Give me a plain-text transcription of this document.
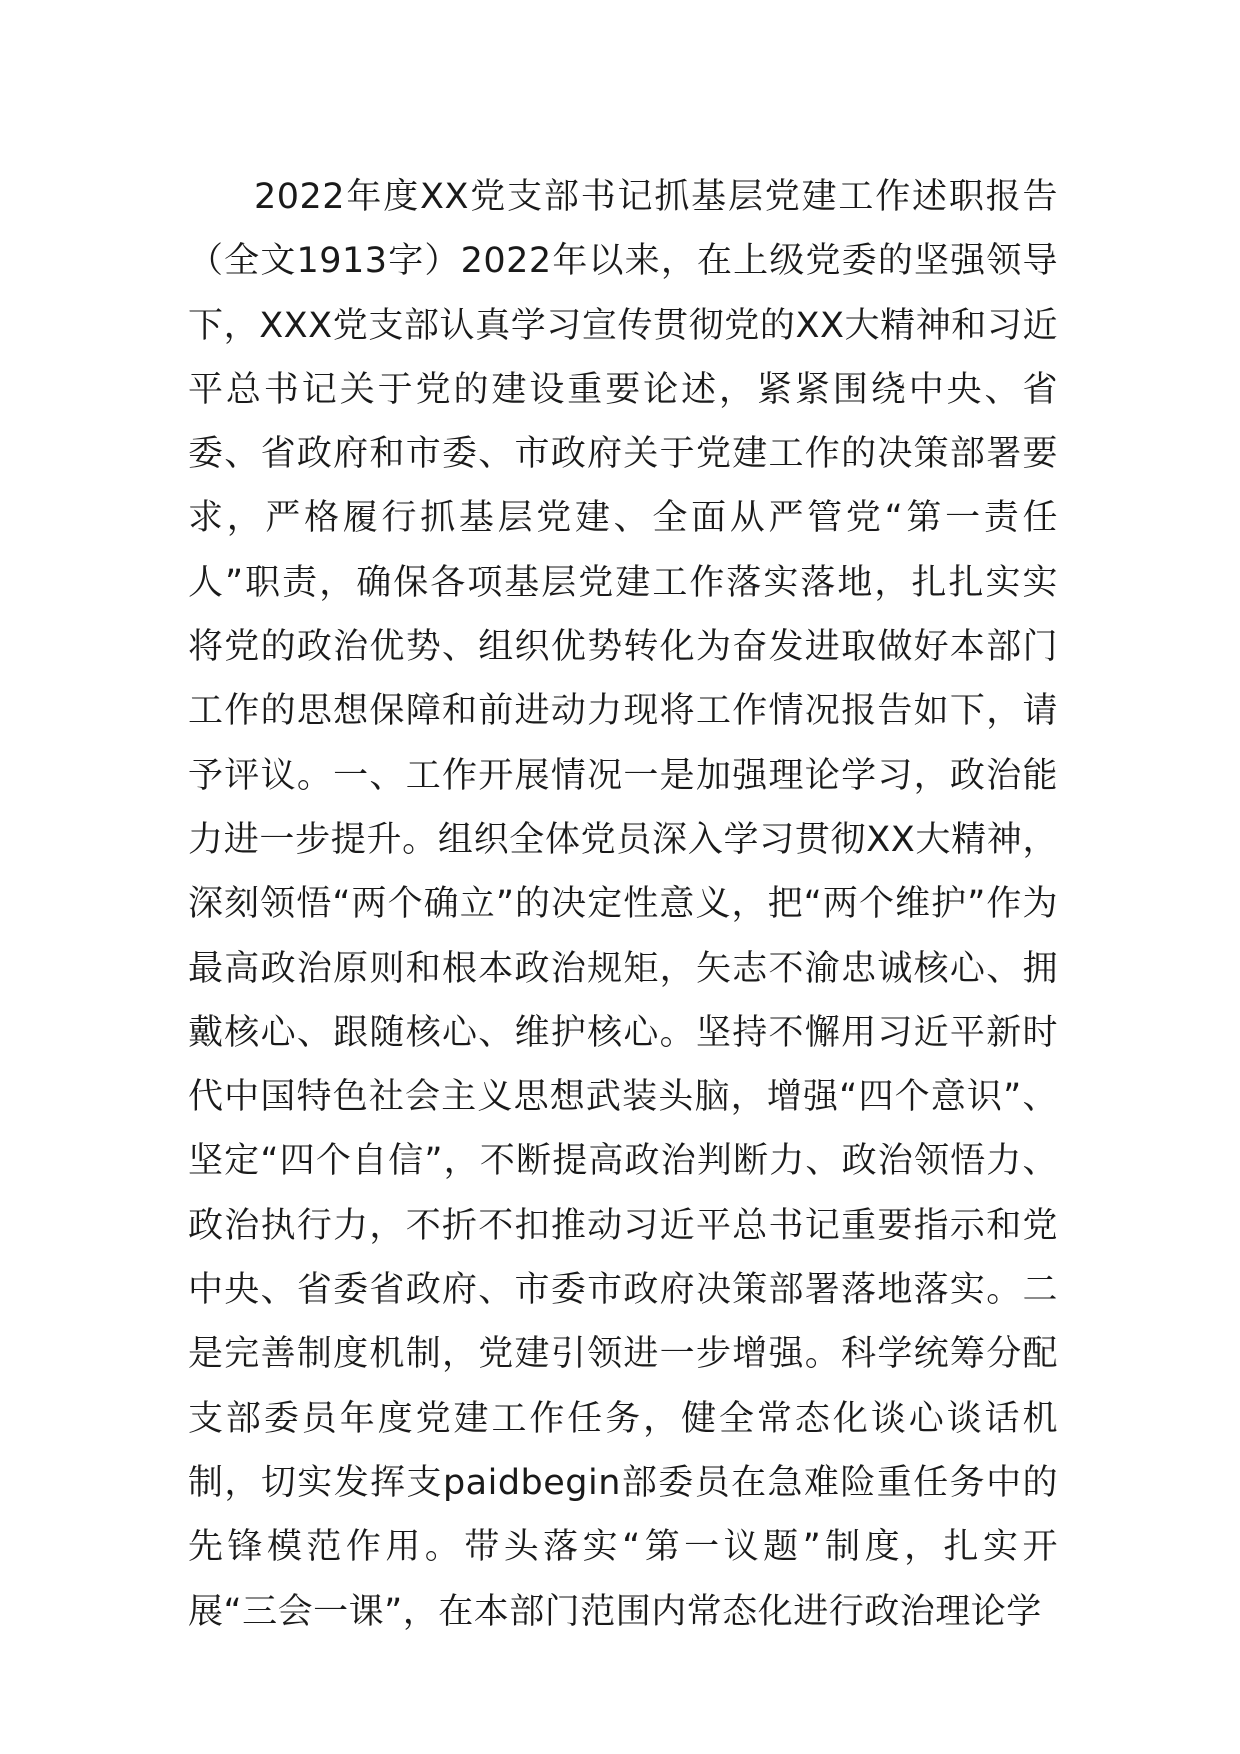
2022年度XX党支部书记抓基层党建工作述职报告（全文1913字）2022年以来，在上级党委的坚强领导下，XXX党支部认真学习宣传贯彻党的XX大精神和习近平总书记关于党的建设重要论述，紧紧围绕中央、省委、省政府和市委、市政府关于党建工作的决策部署要求，严格履行抓基层党建、全面从严管党“第一责任人”职责，确保各项基层党建工作落实落地，扎扎实实将党的政治优势、组织优势转化为奋发进取做好本部门工作的思想保障和前进动力现将工作情况报告如下，请予评议。一、工作开展情况一是加强理论学习，政治能力进一步提升。组织全体党员深入学习贯彻XX大精神，深刻领悟“两个确立”的决定性意义，把“两个维护”作为最高政治原则和根本政治规矩，矢志不渝忠诚核心、拥戴核心、跟随核心、维护核心。坚持不懈用习近平新时代中国特色社会主义思想武装头脑，增强“四个意识”、坚定“四个自信”，不断提高政治判断力、政治领悟力、政治执行力，不折不扣推动习近平总书记重要指示和党中央、省委省政府、市委市政府决策部署落地落实。二是完善制度机制，党建引领进一步增强。科学统筹分配支部委员年度党建工作任务，健全常态化谈心谈话机制，切实发挥支paidbegin部委员在急难险重任务中的先锋模范作用。带头落实“第一议题”制度，扎实开展“三会一课”，在本部门范围内常态化进行政治理论学
